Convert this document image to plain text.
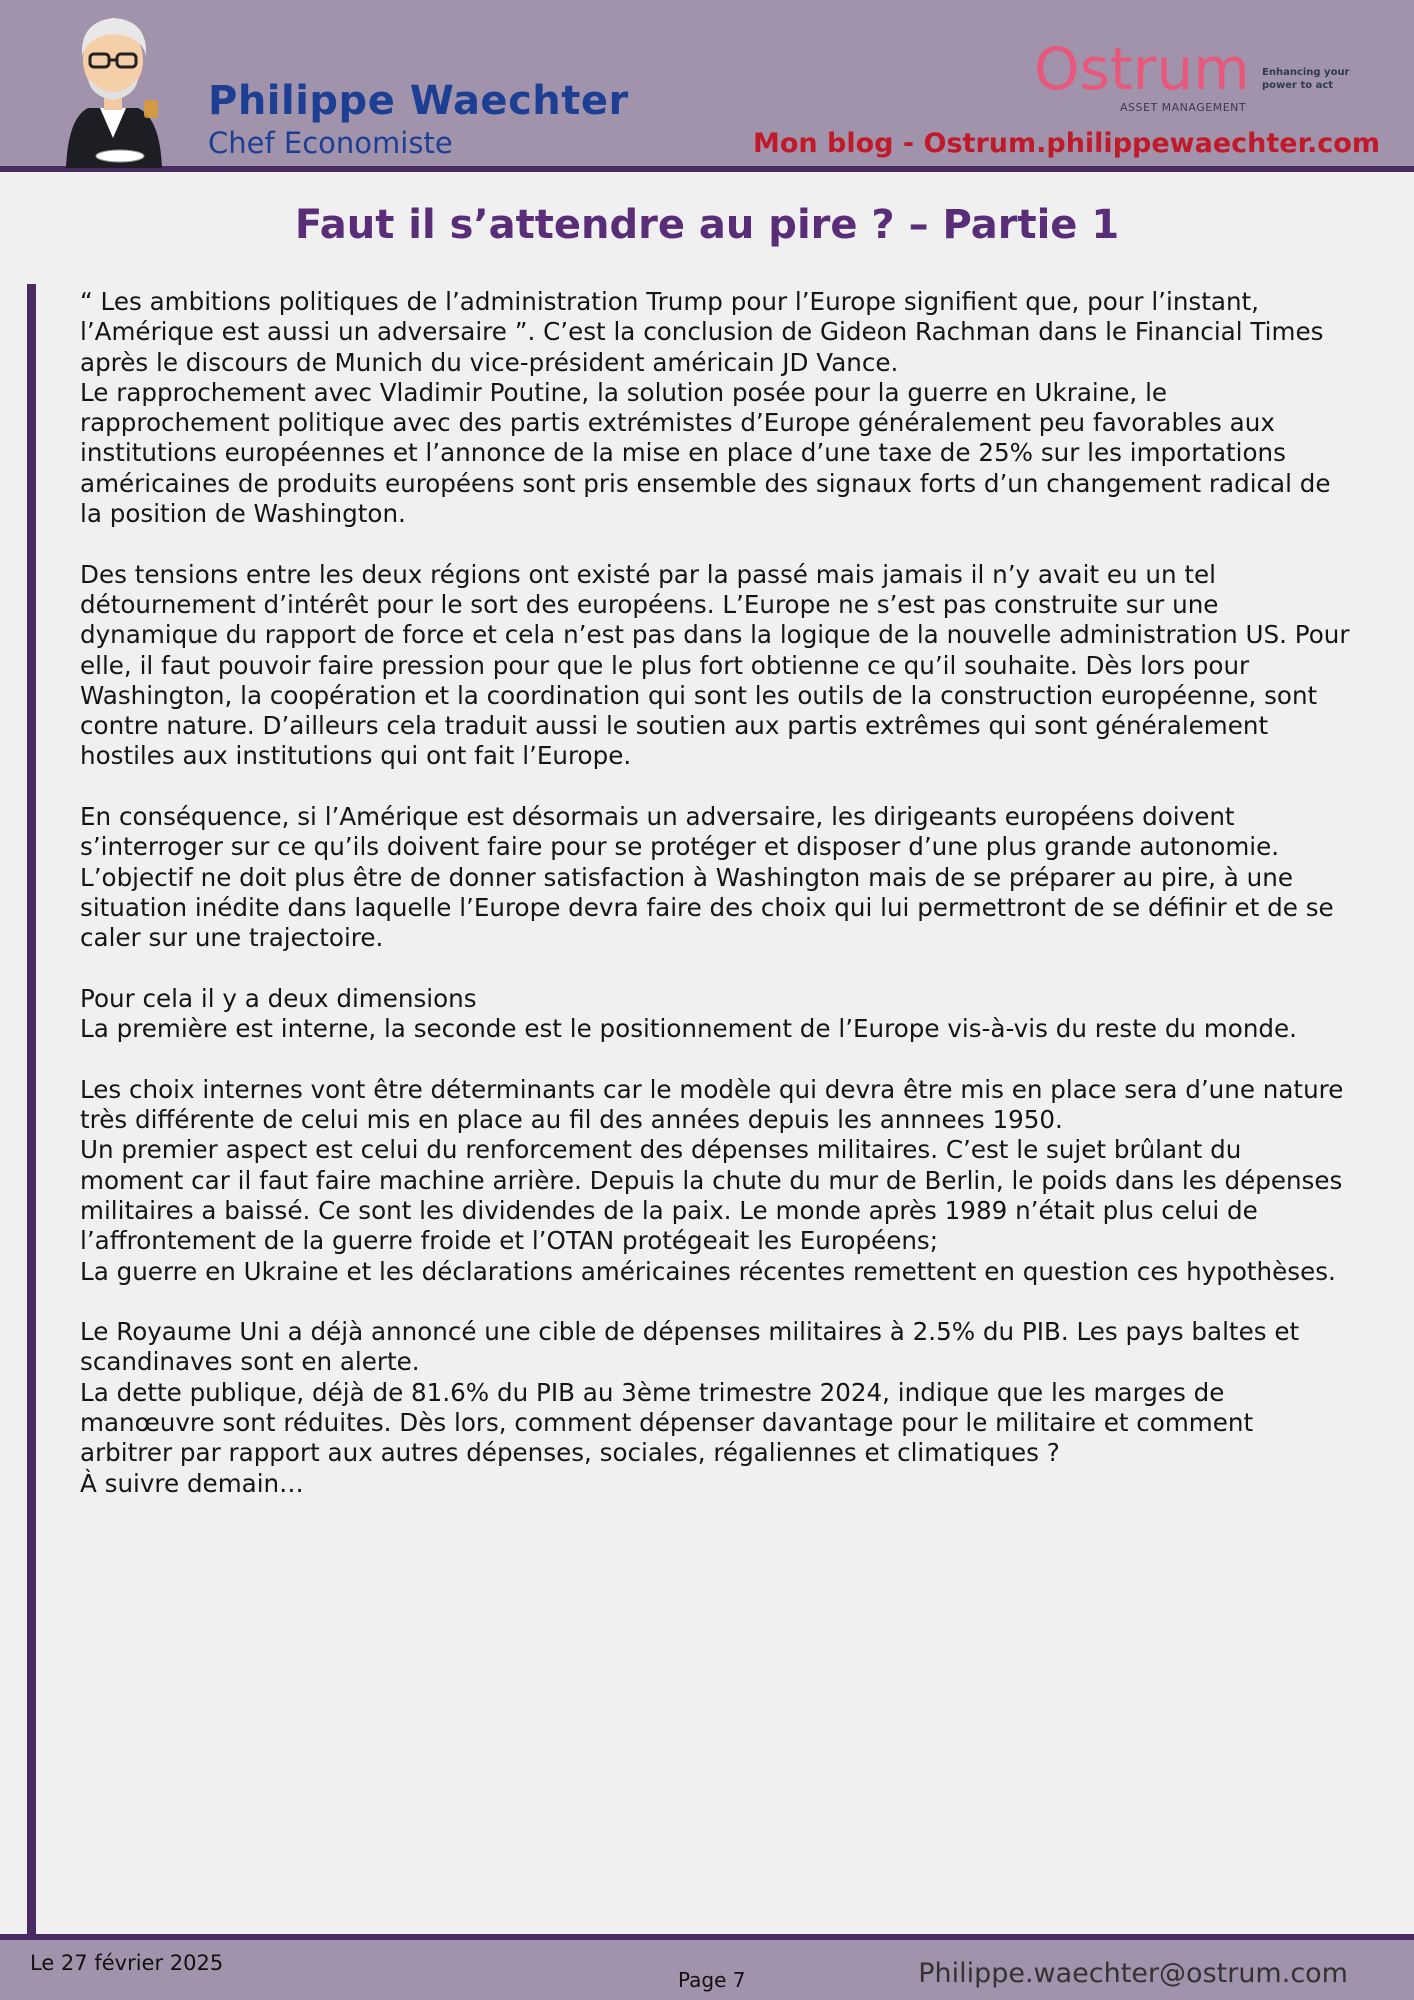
Philippe Waechter
Chef Economiste
Ostrum
ASSET MANAGEMENT
Enhancing your power to act
Mon blog - Ostrum.philippewaechter.com
Faut il s’attendre au pire ? – Partie 1

“ Les ambitions politiques de l’administration Trump pour l’Europe signifient que, pour l’instant, l’Amérique est aussi un adversaire ”. C’est la conclusion de Gideon Rachman dans le Financial Times après le discours de Munich du vice-président américain JD Vance.
Le rapprochement avec Vladimir Poutine, la solution posée pour la guerre en Ukraine, le rapprochement politique avec des partis extrémistes d’Europe généralement peu favorables aux institutions européennes et l’annonce de la mise en place d’une taxe de 25% sur les importations américaines de produits européens sont pris ensemble des signaux forts d’un changement radical de la position de Washington.

Des tensions entre les deux régions ont existé par la passé mais jamais il n’y avait eu un tel détournement d’intérêt pour le sort des européens. L’Europe ne s’est pas construite sur une dynamique du rapport de force et cela n’est pas dans la logique de la nouvelle administration US. Pour elle, il faut pouvoir faire pression pour que le plus fort obtienne ce qu’il souhaite. Dès lors pour Washington, la coopération et la coordination qui sont les outils de la construction européenne, sont contre nature. D’ailleurs cela traduit aussi le soutien aux partis extrêmes qui sont généralement hostiles aux institutions qui ont fait l’Europe.

En conséquence, si l’Amérique est désormais un adversaire, les dirigeants européens doivent s’interroger sur ce qu’ils doivent faire pour se protéger et disposer d’une plus grande autonomie. L’objectif ne doit plus être de donner satisfaction à Washington mais de se préparer au pire, à une situation inédite dans laquelle l’Europe devra faire des choix qui lui permettront de se définir et de se caler sur une trajectoire.

Pour cela il y a deux dimensions
La première est interne, la seconde est le positionnement de l’Europe vis-à-vis du reste du monde.

Les choix internes vont être déterminants car le modèle qui devra être mis en place sera d’une nature très différente de celui mis en place au fil des années depuis les annnees 1950.
Un premier aspect est celui du renforcement des dépenses militaires. C’est le sujet brûlant du moment car il faut faire machine arrière. Depuis la chute du mur de Berlin, le poids dans les dépenses militaires a baissé. Ce sont les dividendes de la paix. Le monde après 1989 n’était plus celui de l’affrontement de la guerre froide et l’OTAN protégeait les Européens;
La guerre en Ukraine et les déclarations américaines récentes remettent en question ces hypothèses.

Le Royaume Uni a déjà annoncé une cible de dépenses militaires à 2.5% du PIB. Les pays baltes et scandinaves sont en alerte.
La dette publique, déjà de 81.6% du PIB au 3ème trimestre 2024, indique que les marges de manœuvre sont réduites. Dès lors, comment dépenser davantage pour le militaire et comment arbitrer par rapport aux autres dépenses, sociales, régaliennes et climatiques ?
À suivre demain…

Le 27 février 2025
Page 7	Philippe.waechter@ostrum.com
